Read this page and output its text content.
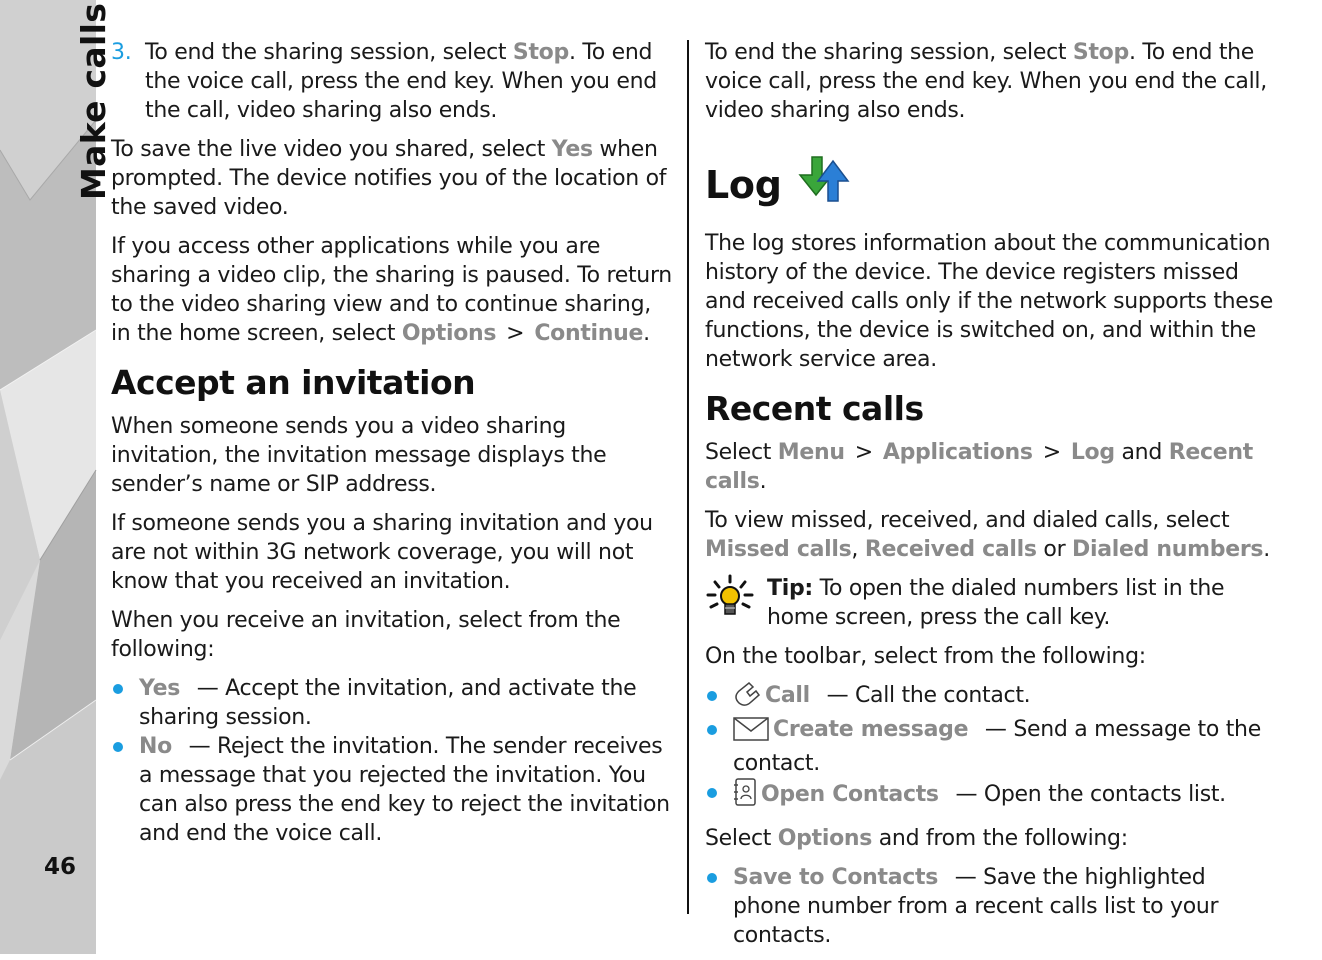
Make calls
46
3. To end the sharing session, select Stop. To end the voice call, press the end key. When you end the call, video sharing also ends.

To save the live video you shared, select Yes when prompted. The device notifies you of the location of the saved video.

If you access other applications while you are sharing a video clip, the sharing is paused. To return to the video sharing view and to continue sharing, in the home screen, select Options > Continue.

Accept an invitation

When someone sends you a video sharing invitation, the invitation message displays the sender’s name or SIP address.

If someone sends you a sharing invitation and you are not within 3G network coverage, you will not know that you received an invitation.

When you receive an invitation, select from the following:

Yes — Accept the invitation, and activate the sharing session.
No — Reject the invitation. The sender receives a message that you rejected the invitation. You can also press the end key to reject the invitation and end the voice call.

To end the sharing session, select Stop. To end the voice call, press the end key. When you end the call, video sharing also ends.

Log

The log stores information about the communication history of the device. The device registers missed and received calls only if the network supports these functions, the device is switched on, and within the network service area.

Recent calls

Select Menu > Applications > Log and Recent calls.

To view missed, received, and dialed calls, select Missed calls, Received calls or Dialed numbers.

Tip: To open the dialed numbers list in the home screen, press the call key.

On the toolbar, select from the following:

Call — Call the contact.
Create message — Send a message to the contact.
Open Contacts — Open the contacts list.

Select Options and from the following:

Save to Contacts — Save the highlighted phone number from a recent calls list to your contacts.
